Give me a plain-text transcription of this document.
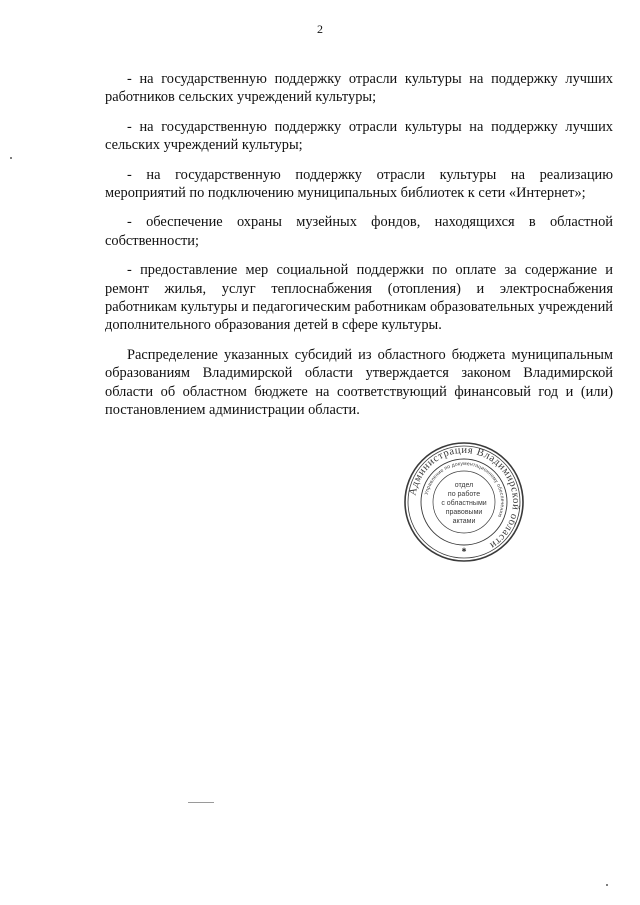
2

- на государственную поддержку отрасли культуры на поддержку лучших работников сельских учреждений культуры;

- на государственную поддержку отрасли культуры на поддержку лучших сельских учреждений культуры;

- на государственную поддержку отрасли культуры на реализацию мероприятий по подключению муниципальных библиотек к сети «Интернет»;

- обеспечение охраны музейных фондов, находящихся в областной собственности;

- предоставление мер социальной поддержки по оплате за содержание и ремонт жилья, услуг теплоснабжения (отопления) и электроснабжения работникам культуры и педагогическим работникам образовательных учреждений дополнительного образования детей в сфере культуры.

Распределение указанных субсидий из областного бюджета муниципальным образованиям Владимирской области утверждается законом Владимирской области об областном бюджете на соответствующий финансовый год и (или) постановлением администрации области.

Администрация Владимирской области
Управление по документационному обеспечению
отдел
по работе
с областными
правовыми
актами
✱
